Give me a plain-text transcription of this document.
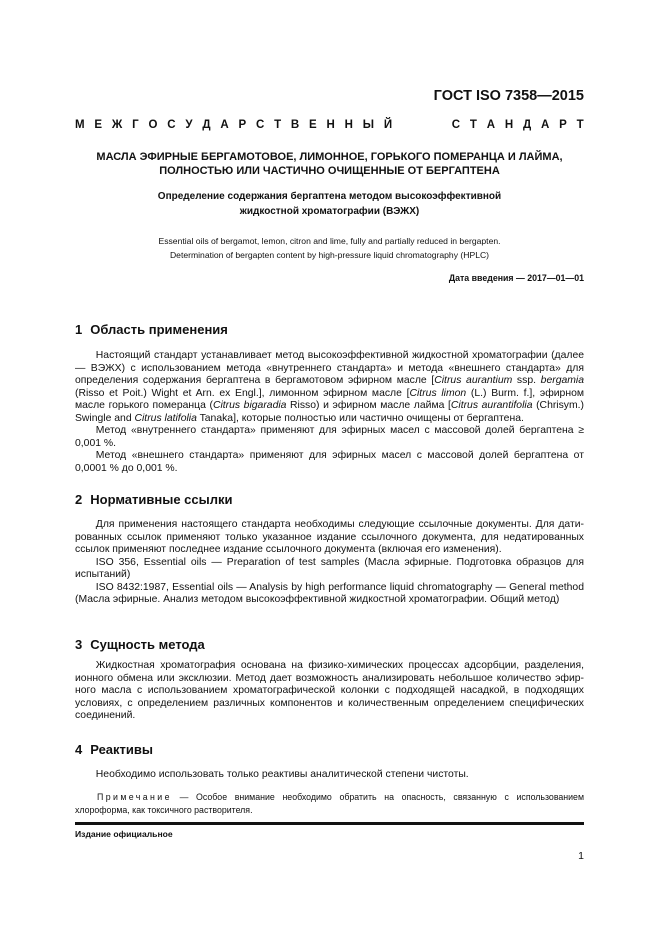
ГОСТ ISO 7358—2015
М Е Ж Г О С У Д А Р С Т В Е Н Н Ы Й	С Т А Н Д А Р Т
МАСЛА ЭФИРНЫЕ БЕРГАМОТОВОЕ, ЛИМОННОЕ, ГОРЬКОГО ПОМЕРАНЦА И ЛАЙМА,
ПОЛНОСТЬЮ ИЛИ ЧАСТИЧНО ОЧИЩЕННЫЕ ОТ БЕРГАПТЕНА
Определение содержания бергаптена методом высокоэффективной
жидкостной хроматографии (ВЭЖХ)
Essential oils of bergamot, lemon, citron and lime, fully and partially reduced in bergapten.
Determination of bergapten content by high-pressure liquid chromatography (HPLC)
Дата введения — 2017—01—01
1 Область применения

  Настоящий стандарт устанавливает метод высокоэффективной жидкостной хроматографии (далее — ВЭЖХ) с использованием метода «внутреннего стандарта» и метода «внешнего стандарта» для определения содержания бергаптена в бергамотовом эфирном масле [Citrus aurantium ssp. bergamia (Risso et Poit.) Wight et Arn. ex Engl.], лимонном эфирном масле [Citrus limon (L.) Burm. f.], эфирном масле горького померанца (Citrus bigaradia Risso) и эфирном масле лайма [Citrus aurantifolia (Chrisym.) Swingle and Citrus latifolia Tanaka], которые полностью или частично очищены от бергаптена.

  Метод «внутреннего стандарта» применяют для эфирных масел с массовой долей бергаптена ≥ 0,001 %.

  Метод «внешнего стандарта» применяют для эфирных масел с массовой долей бергаптена от 0,0001 % до 0,001 %.

2 Нормативные ссылки

  Для применения настоящего стандарта необходимы следующие ссылочные документы. Для датированных ссылок применяют только указанное издание ссылочного документа, для недатированных ссылок применяют последнее издание ссылочного документа (включая его изменения).

  ISO 356, Essential oils — Preparation of test samples (Масла эфирные. Подготовка образцов для испытаний)

  ISO 8432:1987, Essential oils — Analysis by high performance liquid chromatography — General method (Масла эфирные. Анализ методом высокоэффективной жидкостной хроматографии. Общий метод)

3 Сущность метода

  Жидкостная хроматография основана на физико-химических процессах адсорбции, разделения, ионного обмена или эксклюзии. Метод дает возможность анализировать небольшое количество эфирного масла с использованием хроматографической колонки с подходящей насадкой, в подходящих условиях, с определением различных компонентов и количественным определением специфических соединений.

4 Реактивы

  Необходимо использовать только реактивы аналитической степени чистоты.

   Примечание — Особое внимание необходимо обратить на опасность, связанную с использованием хлороформа, как токсичного растворителя.
Издание официальное
1
